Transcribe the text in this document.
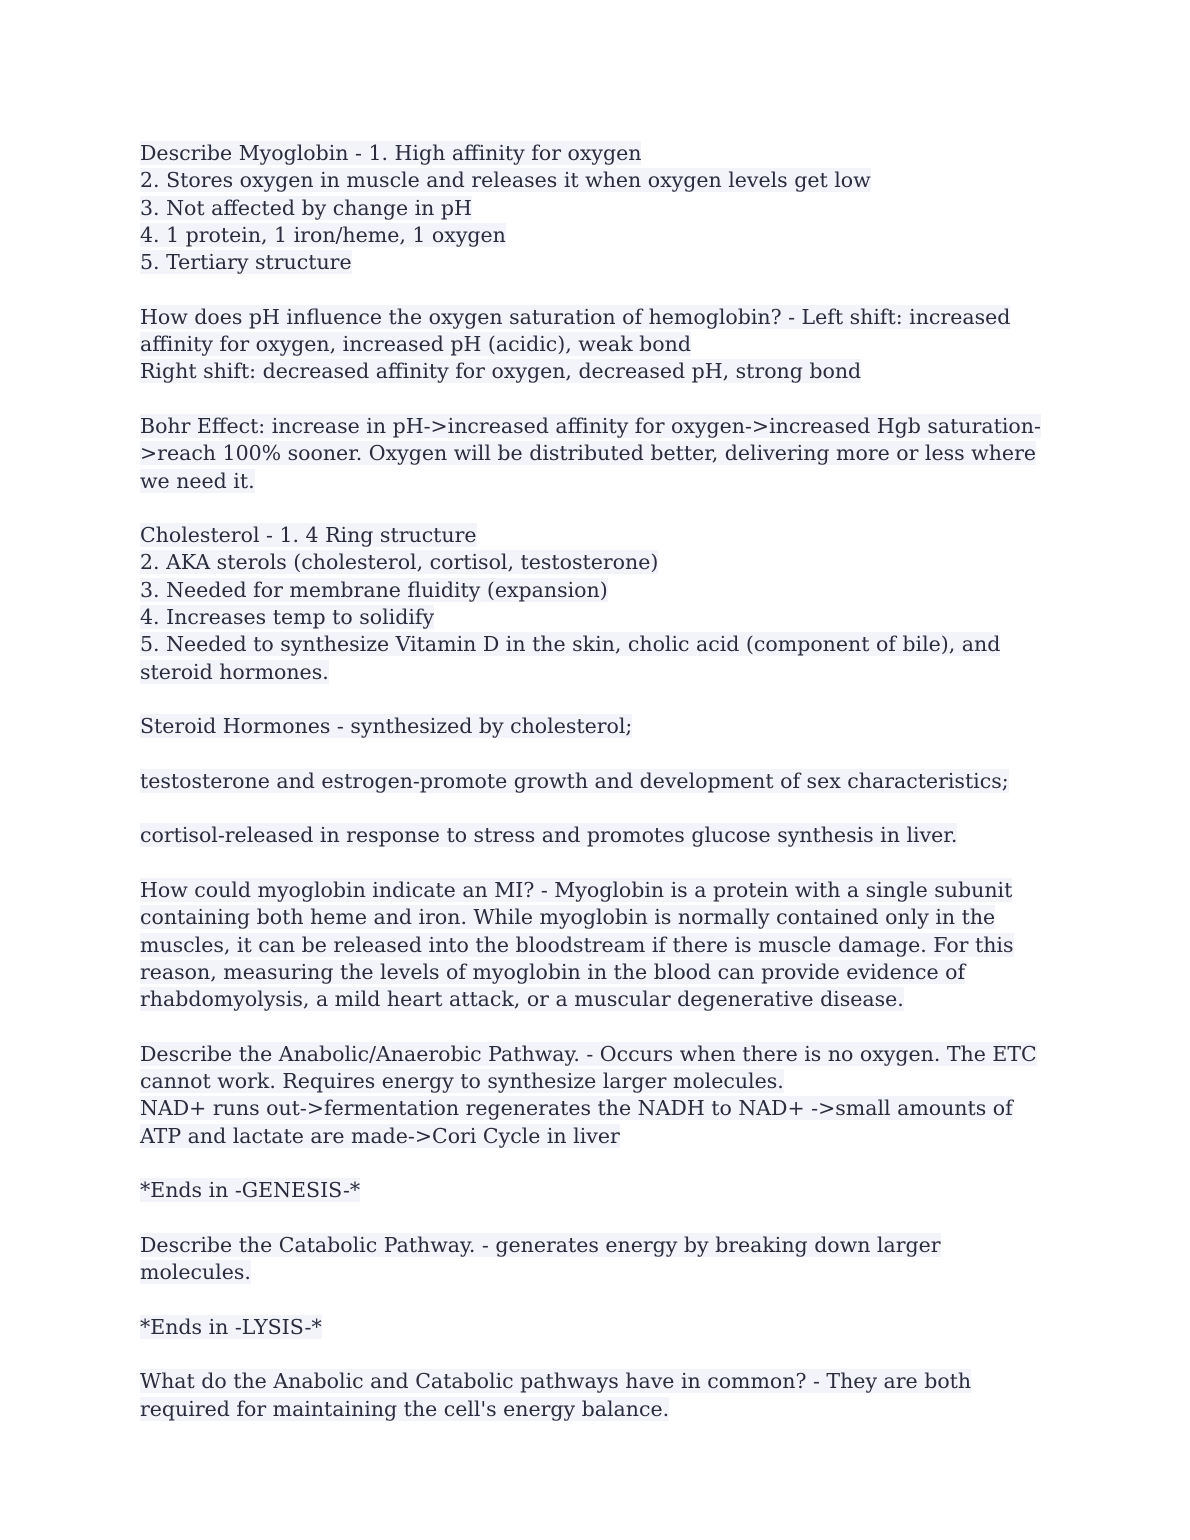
Describe Myoglobin - 1. High affinity for oxygen
2. Stores oxygen in muscle and releases it when oxygen levels get low
3. Not affected by change in pH
4. 1 protein, 1 iron/heme, 1 oxygen
5. Tertiary structure
How does pH influence the oxygen saturation of hemoglobin? - Left shift: increased affinity for oxygen, increased pH (acidic), weak bond
Right shift: decreased affinity for oxygen, decreased pH, strong bond
Bohr Effect: increase in pH->increased affinity for oxygen->increased Hgb saturation->reach 100% sooner. Oxygen will be distributed better, delivering more or less where we need it.
Cholesterol - 1. 4 Ring structure
2. AKA sterols (cholesterol, cortisol, testosterone)
3. Needed for membrane fluidity (expansion)
4. Increases temp to solidify
5. Needed to synthesize Vitamin D in the skin, cholic acid (component of bile), and steroid hormones.
Steroid Hormones - synthesized by cholesterol;
testosterone and estrogen-promote growth and development of sex characteristics;
cortisol-released in response to stress and promotes glucose synthesis in liver.
How could myoglobin indicate an MI? - Myoglobin is a protein with a single subunit containing both heme and iron. While myoglobin is normally contained only in the muscles, it can be released into the bloodstream if there is muscle damage. For this reason, measuring the levels of myoglobin in the blood can provide evidence of rhabdomyolysis, a mild heart attack, or a muscular degenerative disease.
Describe the Anabolic/Anaerobic Pathway. - Occurs when there is no oxygen. The ETC cannot work. Requires energy to synthesize larger molecules.
NAD+ runs out->fermentation regenerates the NADH to NAD+ ->small amounts of ATP and lactate are made->Cori Cycle in liver
*Ends in -GENESIS-*
Describe the Catabolic Pathway. - generates energy by breaking down larger molecules.
*Ends in -LYSIS-*
What do the Anabolic and Catabolic pathways have in common? - They are both required for maintaining the cell's energy balance.
